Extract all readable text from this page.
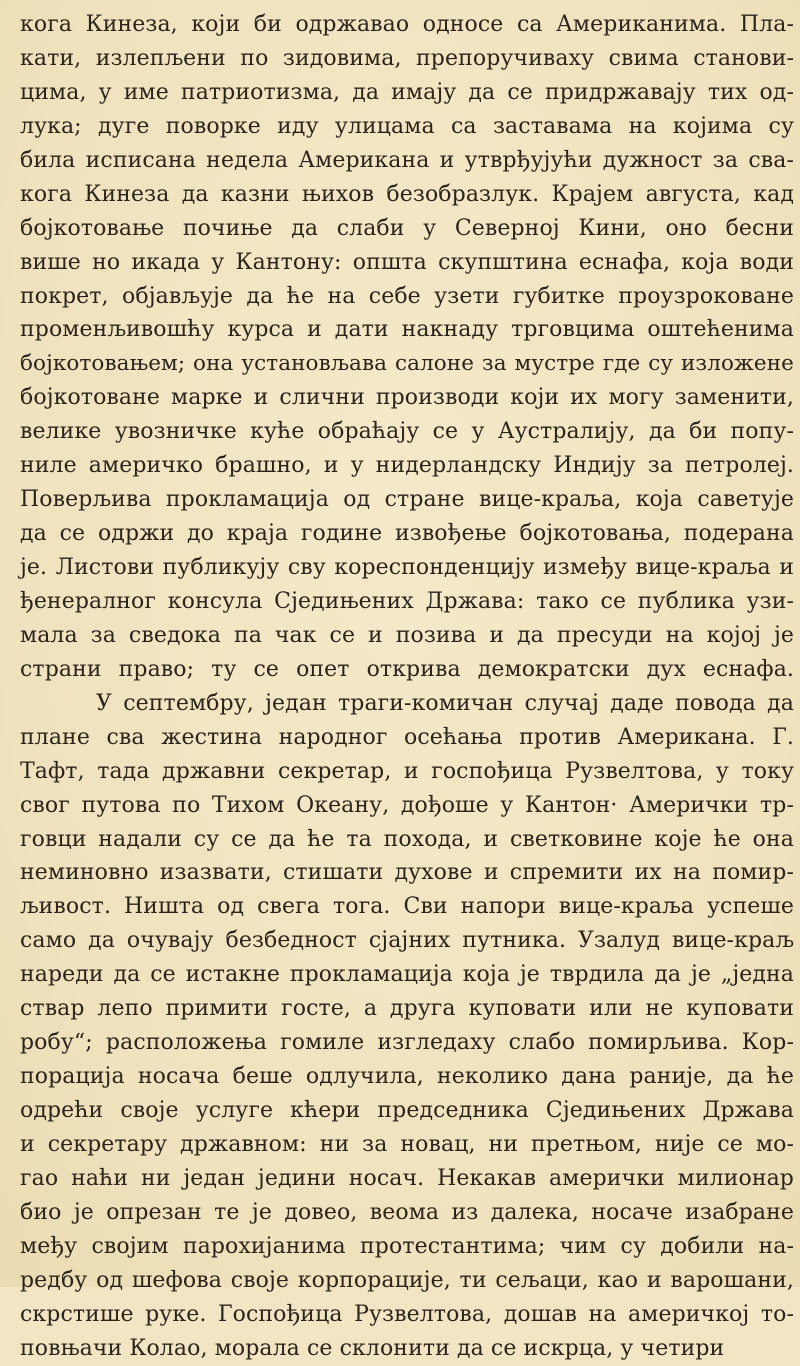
кога Кинеза, који би одржавао односе са Американима. Пла-
кати, излепљени по зидовима, препоручиваху свима станови-
цима, у име патриотизма, да имају да се придржавају тих од-
лука; дуге поворке иду улицама са заставама на којима су
била исписана недела Американа и утврђујући дужност за сва-
кога Кинеза да казни њихов безобразлук. Крајем августа, кад
бојкотовање почиње да слаби у Северној Кини, оно бесни
више но икада у Кантону: општа скупштина еснафа, која води
покрет, објављује да ће на себе узети губитке проузроковане
променљивошћу курса и дати накнаду трговцима оштећенима
бојкотовањем; она установљава салоне за мустре где су изложене
бојкотоване марке и слични производи који их могу заменити,
велике увозничке куће обраћају се у Аустралију, да би попу-
ниле америчко брашно, и у нидерландску Индију за петролеј.
Поверљива прокламација од стране вице-краља, која саветује
да се одржи до краја године извођење бојкотовања, подерана
је. Листови публикују сву кореспонденцију између вице-краља и
ђенералног консула Сједињених Држава: тако се публика узи-
мала за сведока па чак се и позива и да пресуди на којој је
страни право; ту се опет открива демократски дух еснафа.
У септембру, један траги-комичан случај даде повода да
плане сва жестина народног осећања против Американа. Г.
Тафт, тада државни секретар, и госпођица Рузвелтова, у току
свог путова по Тихом Океану, дођоше у Кантон· Амерички тр-
говци надали су се да ће та похода, и светковине које ће она
неминовно изазвати, стишати духове и спремити их на помир-
љивост. Ништа од свега тога. Сви напори вице-краља успеше
само да очувају безбедност сјајних путника. Узалуд вице-краљ
нареди да се истакне прокламација која је тврдила да је „једна
ствар лепо примити госте, а друга куповати или не куповати
робу“; расположења гомиле изгледаху слабо помирљива. Кор-
порација носача беше одлучила, неколико дана раније, да ће
одрећи своје услуге кћери председника Сједињених Држава
и секретару државном: ни за новац, ни претњом, није се мо-
гао наћи ни један једини носач. Некакав амерички милионар
био је опрезан те је довео, веома из далека, носаче изабране
међу својим парохијанима протестантима; чим су добили на-
редбу од шефова своје корпорације, ти сељаци, као и варошани,
скрстише руке. Госпођица Рузвелтова, дошав на америчкој то-
повњачи Колао, морала се склонити да се искрца, у четири
